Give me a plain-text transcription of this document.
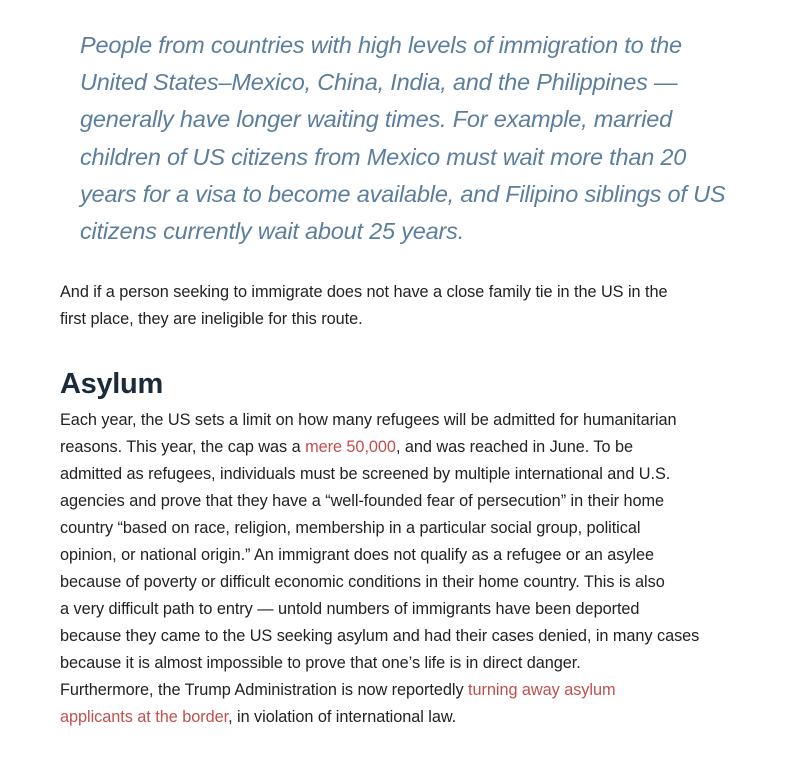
People from countries with high levels of immigration to the
United States–Mexico, China, India, and the Philippines —
generally have longer waiting times. For example, married
children of US citizens from Mexico must wait more than 20
years for a visa to become available, and Filipino siblings of US
citizens currently wait about 25 years.

And if a person seeking to immigrate does not have a close family tie in the US in the
first place, they are ineligible for this route.

Asylum

Each year, the US sets a limit on how many refugees will be admitted for humanitarian
reasons. This year, the cap was a mere 50,000, and was reached in June. To be
admitted as refugees, individuals must be screened by multiple international and U.S.
agencies and prove that they have a “well-founded fear of persecution” in their home
country “based on race, religion, membership in a particular social group, political
opinion, or national origin.” An immigrant does not qualify as a refugee or an asylee
because of poverty or difficult economic conditions in their home country. This is also
a very difficult path to entry — untold numbers of immigrants have been deported
because they came to the US seeking asylum and had their cases denied, in many cases
because it is almost impossible to prove that one’s life is in direct danger.
Furthermore, the Trump Administration is now reportedly turning away asylum
applicants at the border, in violation of international law.
